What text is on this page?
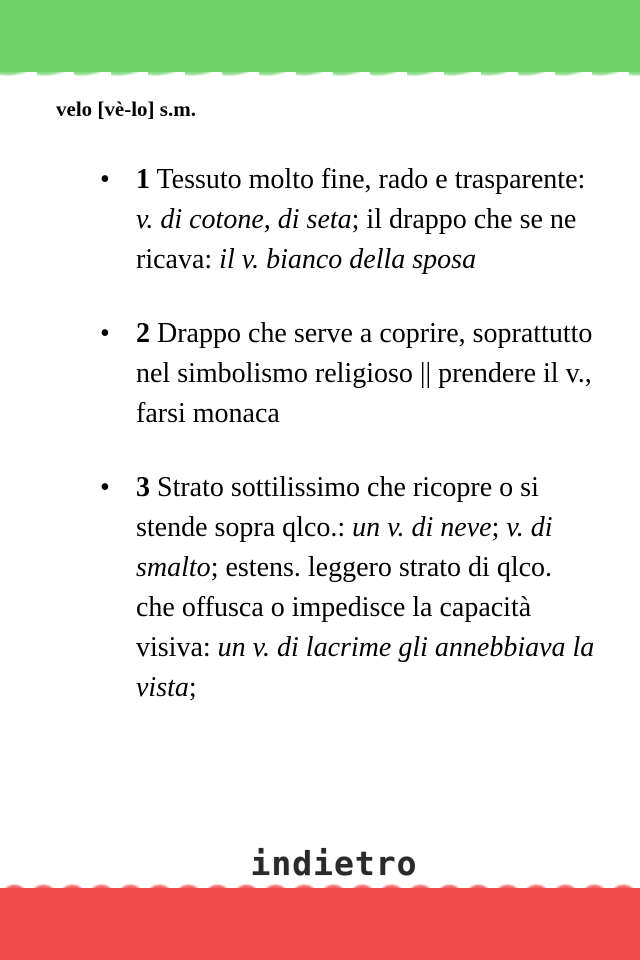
velo [vè-lo] s.m.
• 1 Tessuto molto fine, rado e trasparente: v. di cotone, di seta; il drappo che se ne ricava: il v. bianco della sposa
• 2 Drappo che serve a coprire, soprattutto nel simbolismo religioso || prendere il v., farsi monaca
• 3 Strato sottilissimo che ricopre o si stende sopra qlco.: un v. di neve; v. di smalto; estens. leggero strato di qlco. che offusca o impedisce la capacità visiva: un v. di lacrime gli annebbiava la vista;
indietro
